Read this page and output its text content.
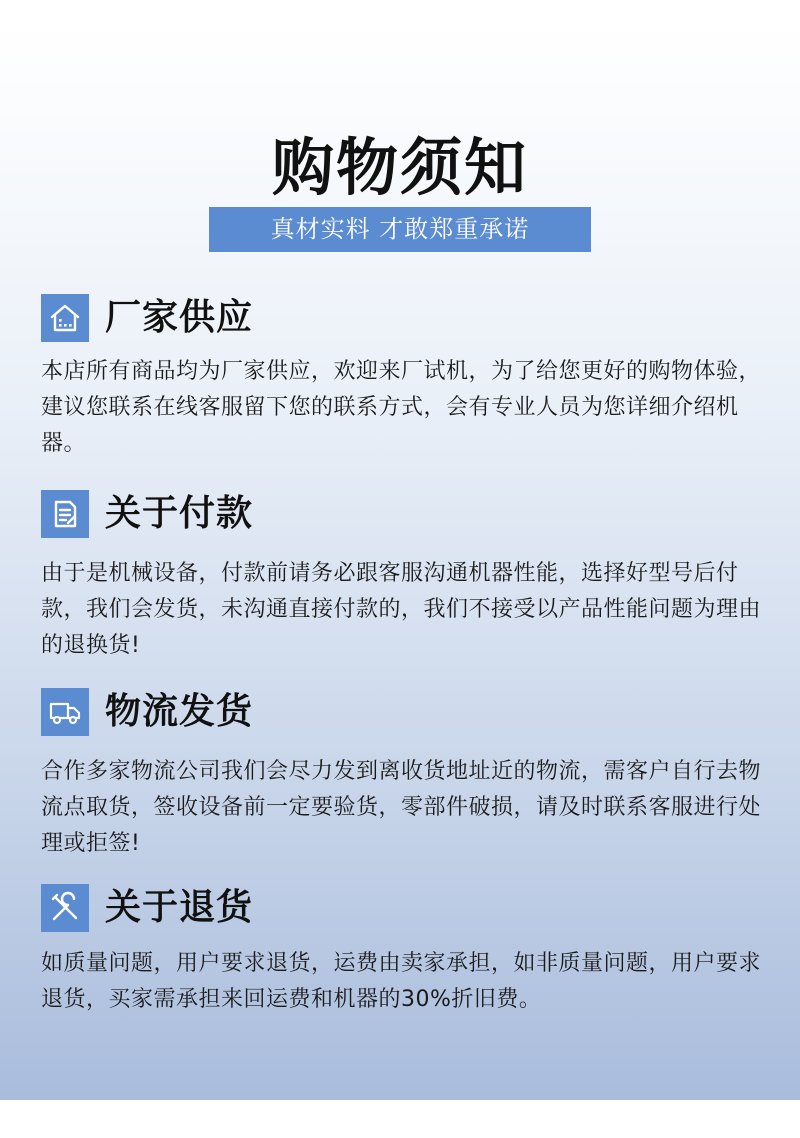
购物须知
真材实料 才敢郑重承诺
厂家供应
本店所有商品均为厂家供应，欢迎来厂试机，为了给您更好的购物体验，建议您联系在线客服留下您的联系方式，会有专业人员为您详细介绍机器。
关于付款
由于是机械设备，付款前请务必跟客服沟通机器性能，选择好型号后付款，我们会发货，未沟通直接付款的，我们不接受以产品性能问题为理由的退换货!
物流发货
合作多家物流公司我们会尽力发到离收货地址近的物流，需客户自行去物流点取货，签收设备前一定要验货，零部件破损，请及时联系客服进行处理或拒签!
关于退货
如质量问题，用户要求退货，运费由卖家承担，如非质量问题，用户要求退货，买家需承担来回运费和机器的30%折旧费。
